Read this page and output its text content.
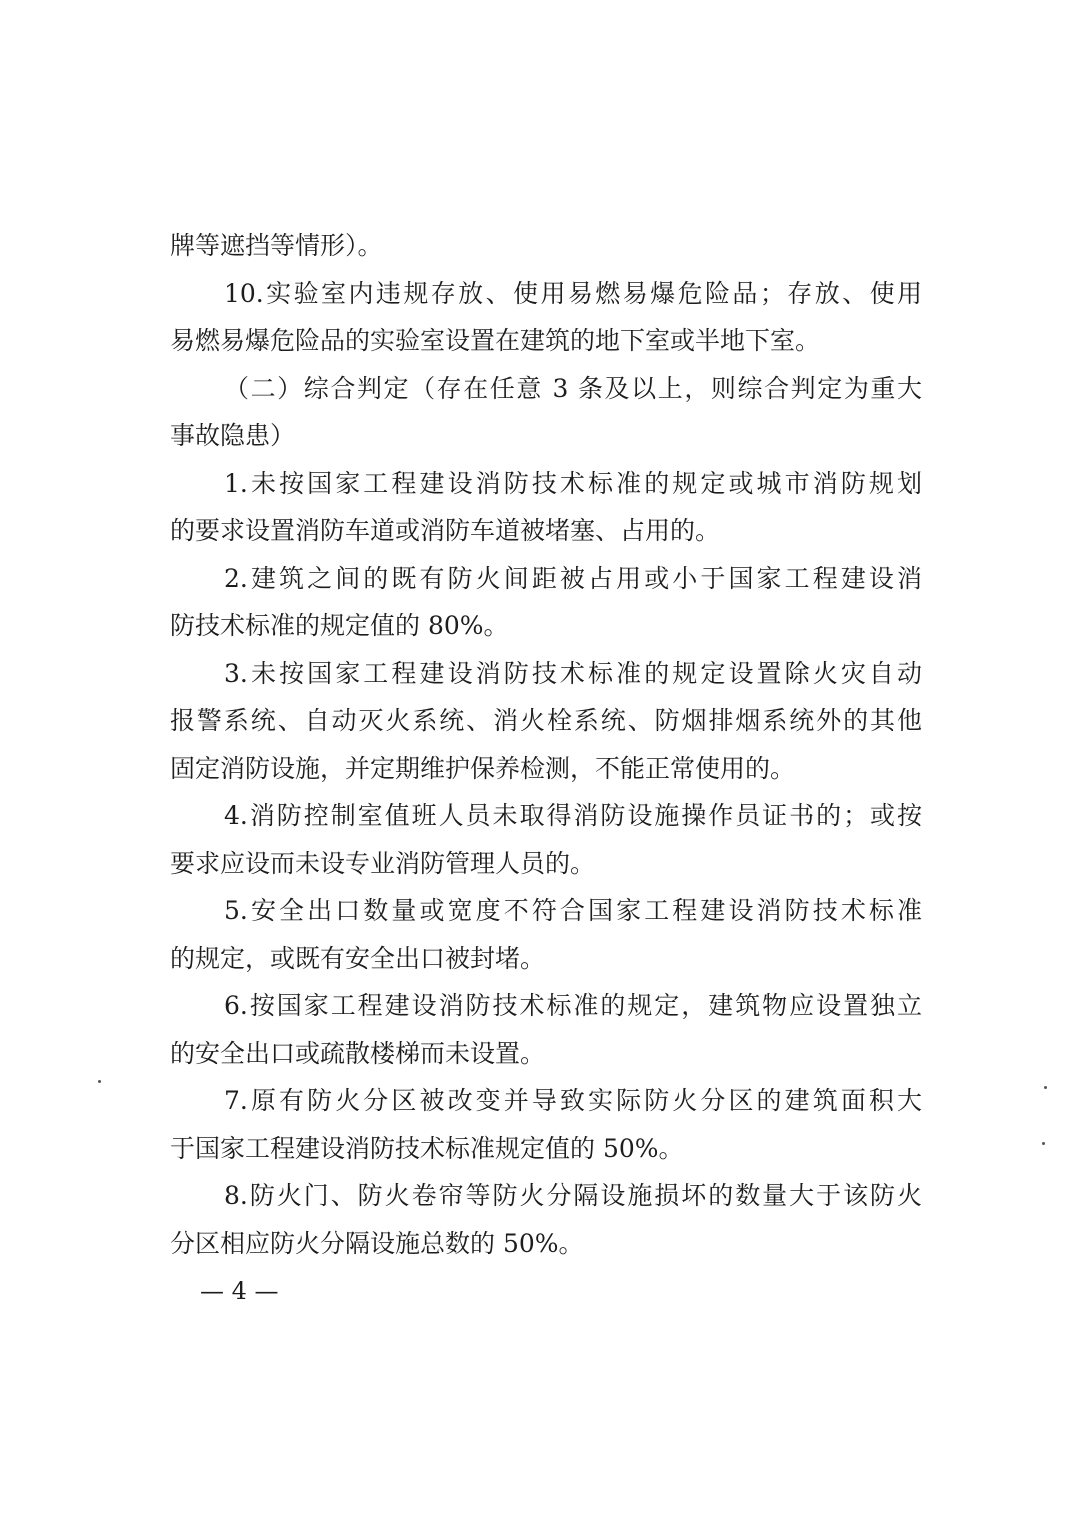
牌等遮挡等情形）。
10.实验室内违规存放、使用易燃易爆危险品；存放、使用
易燃易爆危险品的实验室设置在建筑的地下室或半地下室。
（二）综合判定（存在任意 3 条及以上，则综合判定为重大
事故隐患）
1.未按国家工程建设消防技术标准的规定或城市消防规划
的要求设置消防车道或消防车道被堵塞、占用的。
2.建筑之间的既有防火间距被占用或小于国家工程建设消
防技术标准的规定值的 80%。
3.未按国家工程建设消防技术标准的规定设置除火灾自动
报警系统、自动灭火系统、消火栓系统、防烟排烟系统外的其他
固定消防设施，并定期维护保养检测，不能正常使用的。
4.消防控制室值班人员未取得消防设施操作员证书的；或按
要求应设而未设专业消防管理人员的。
5.安全出口数量或宽度不符合国家工程建设消防技术标准
的规定，或既有安全出口被封堵。
6.按国家工程建设消防技术标准的规定，建筑物应设置独立
的安全出口或疏散楼梯而未设置。
7.原有防火分区被改变并导致实际防火分区的建筑面积大
于国家工程建设消防技术标准规定值的 50%。
8.防火门、防火卷帘等防火分隔设施损坏的数量大于该防火
分区相应防火分隔设施总数的 50%。
— 4 —
